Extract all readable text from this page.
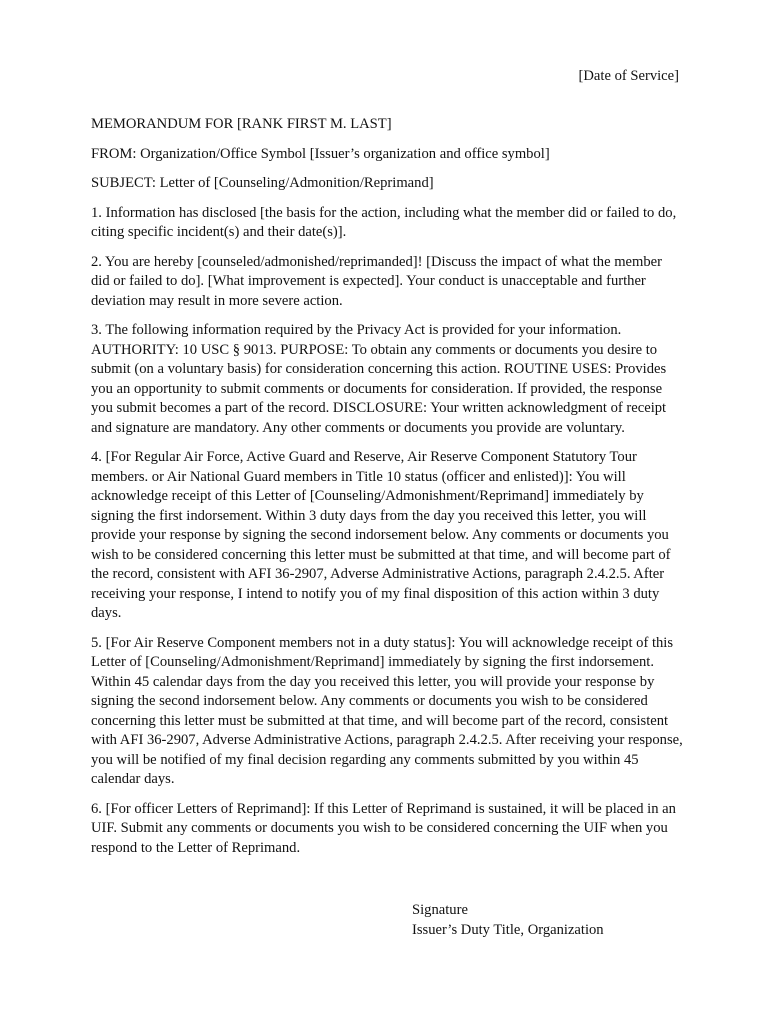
[Date of Service]

MEMORANDUM FOR [RANK FIRST M. LAST]

FROM: Organization/Office Symbol [Issuer’s organization and office symbol]

SUBJECT: Letter of [Counseling/Admonition/Reprimand]

1. Information has disclosed [the basis for the action, including what the member did or failed to do, citing specific incident(s) and their date(s)].

2. You are hereby [counseled/admonished/reprimanded]! [Discuss the impact of what the member did or failed to do]. [What improvement is expected]. Your conduct is unacceptable and further deviation may result in more severe action.

3. The following information required by the Privacy Act is provided for your information. AUTHORITY: 10 USC § 9013. PURPOSE: To obtain any comments or documents you desire to submit (on a voluntary basis) for consideration concerning this action. ROUTINE USES: Provides you an opportunity to submit comments or documents for consideration. If provided, the response you submit becomes a part of the record. DISCLOSURE: Your written acknowledgment of receipt and signature are mandatory. Any other comments or documents you provide are voluntary.

4. [For Regular Air Force, Active Guard and Reserve, Air Reserve Component Statutory Tour members. or Air National Guard members in Title 10 status (officer and enlisted)]: You will acknowledge receipt of this Letter of [Counseling/Admonishment/Reprimand] immediately by signing the first indorsement. Within 3 duty days from the day you received this letter, you will provide your response by signing the second indorsement below. Any comments or documents you wish to be considered concerning this letter must be submitted at that time, and will become part of the record, consistent with AFI 36-2907, Adverse Administrative Actions, paragraph 2.4.2.5. After receiving your response, I intend to notify you of my final disposition of this action within 3 duty days.

5. [For Air Reserve Component members not in a duty status]: You will acknowledge receipt of this Letter of [Counseling/Admonishment/Reprimand] immediately by signing the first indorsement. Within 45 calendar days from the day you received this letter, you will provide your response by signing the second indorsement below. Any comments or documents you wish to be considered concerning this letter must be submitted at that time, and will become part of the record, consistent with AFI 36-2907, Adverse Administrative Actions, paragraph 2.4.2.5. After receiving your response, you will be notified of my final decision regarding any comments submitted by you within 45 calendar days.

6. [For officer Letters of Reprimand]: If this Letter of Reprimand is sustained, it will be placed in an UIF. Submit any comments or documents you wish to be considered concerning the UIF when you respond to the Letter of Reprimand.

Signature
Issuer’s Duty Title, Organization
